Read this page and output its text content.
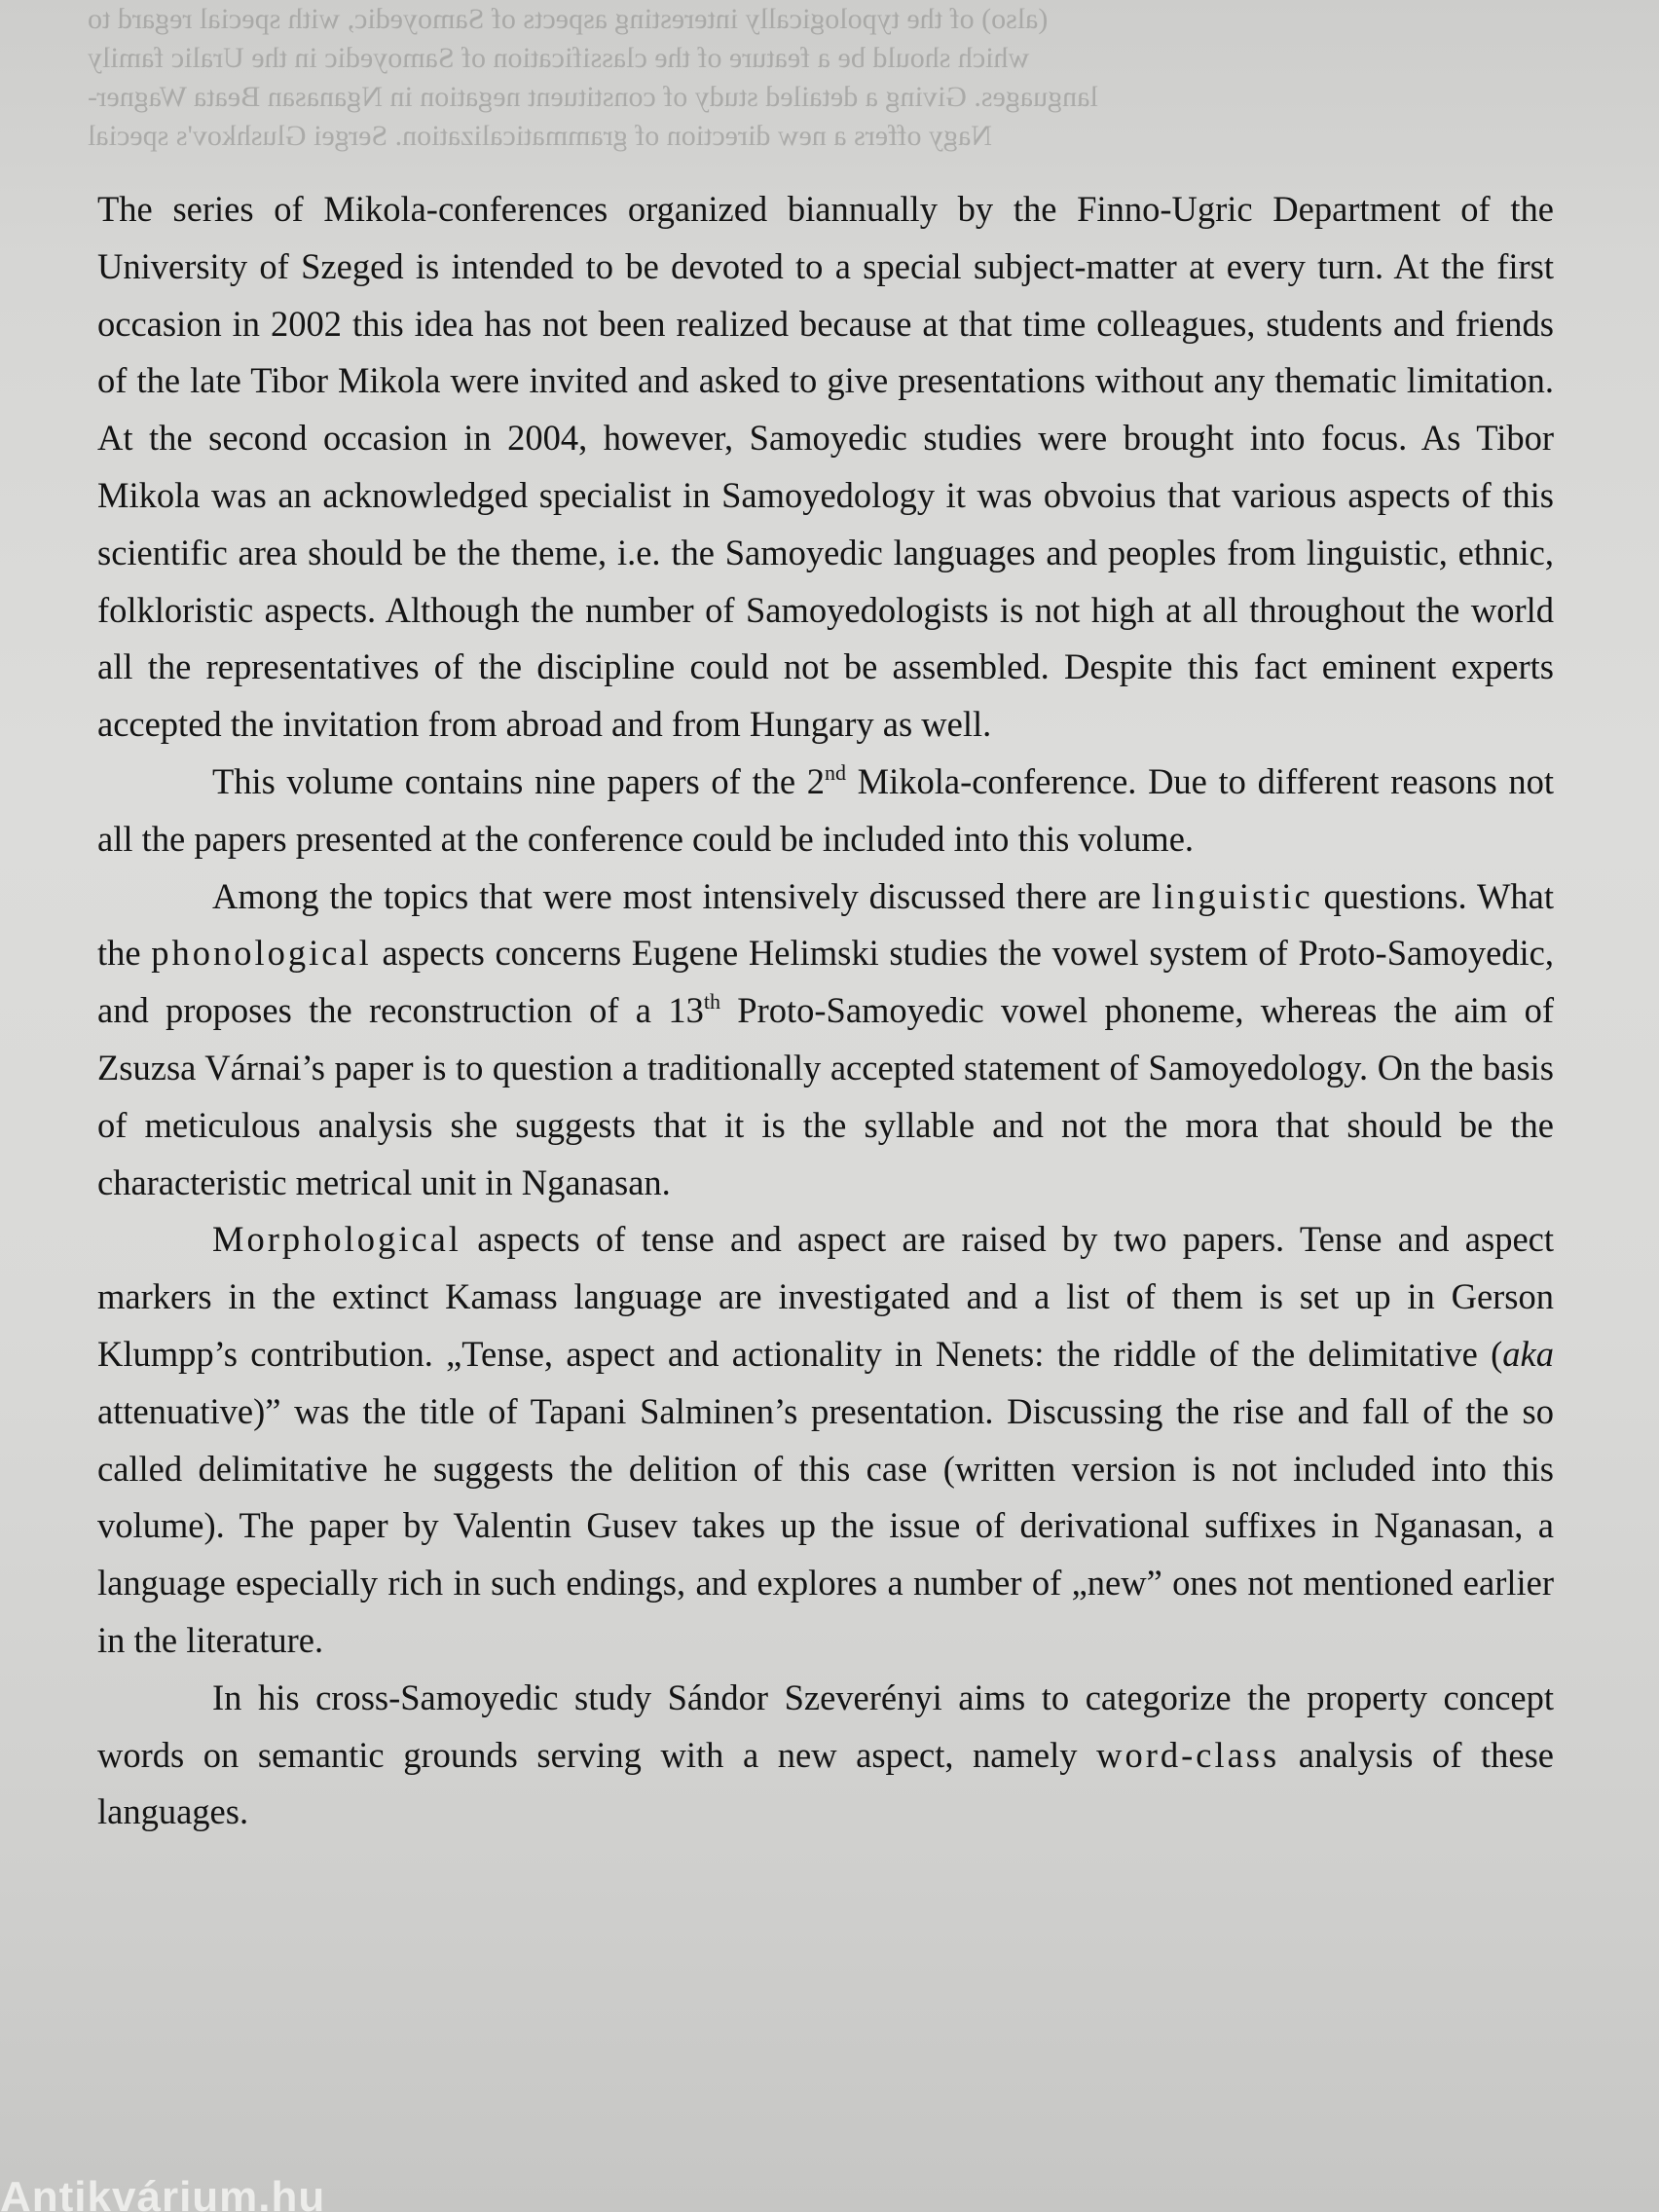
(also) of the typologically interesting aspects of Samoyedic, with special regard to

which should be a feature of the classification of Samoyedic in the Uralic family

languages. Giving a detailed study of constituent negation in Nganasan Beata Wagner-

Nagy offers a new direction of grammaticalization. Sergei Glushkov's special

The series of Mikola-conferences organized biannually by the Finno-Ugric Department of the University of Szeged is intended to be devoted to a special subject-matter at every turn. At the first occasion in 2002 this idea has not been realized because at that time colleagues, students and friends of the late Tibor Mikola were invited and asked to give presentations without any thematic limitation. At the second occasion in 2004, however, Samoyedic studies were brought into focus. As Tibor Mikola was an acknowledged specialist in Samoyedology it was obvoius that various aspects of this scientific area should be the theme, i.e. the Samoyedic languages and peoples from linguistic, ethnic, folkloristic aspects. Although the number of Samoyedologists is not high at all throughout the world all the representatives of the discipline could not be assembled. Despite this fact eminent experts accepted the invitation from abroad and from Hungary as well.

This volume contains nine papers of the 2nd Mikola-conference. Due to different reasons not all the papers presented at the conference could be included into this volume.

Among the topics that were most intensively discussed there are linguistic questions. What the phonological aspects concerns Eugene Helimski studies the vowel system of Proto-Samoyedic, and proposes the reconstruction of a 13th Proto-Samoyedic vowel phoneme, whereas the aim of Zsuzsa Várnai’s paper is to question a traditionally accepted statement of Samoyedology. On the basis of meticulous analysis she suggests that it is the syllable and not the mora that should be the characteristic metrical unit in Nganasan.

Morphological aspects of tense and aspect are raised by two papers. Tense and aspect markers in the extinct Kamass language are investigated and a list of them is set up in Gerson Klumpp’s contribution. „Tense, aspect and actionality in Nenets: the riddle of the delimitative (aka attenuative)” was the title of Tapani Salminen’s presentation. Discussing the rise and fall of the so called delimitative he suggests the delition of this case (written version is not included into this volume). The paper by Valentin Gusev takes up the issue of derivational suffixes in Nganasan, a language especially rich in such endings, and explores a number of „new” ones not mentioned earlier in the literature.

In his cross-Samoyedic study Sándor Szeverényi aims to categorize the property concept words on semantic grounds serving with a new aspect, namely word-class analysis of these languages.

Antikvárium.hu
